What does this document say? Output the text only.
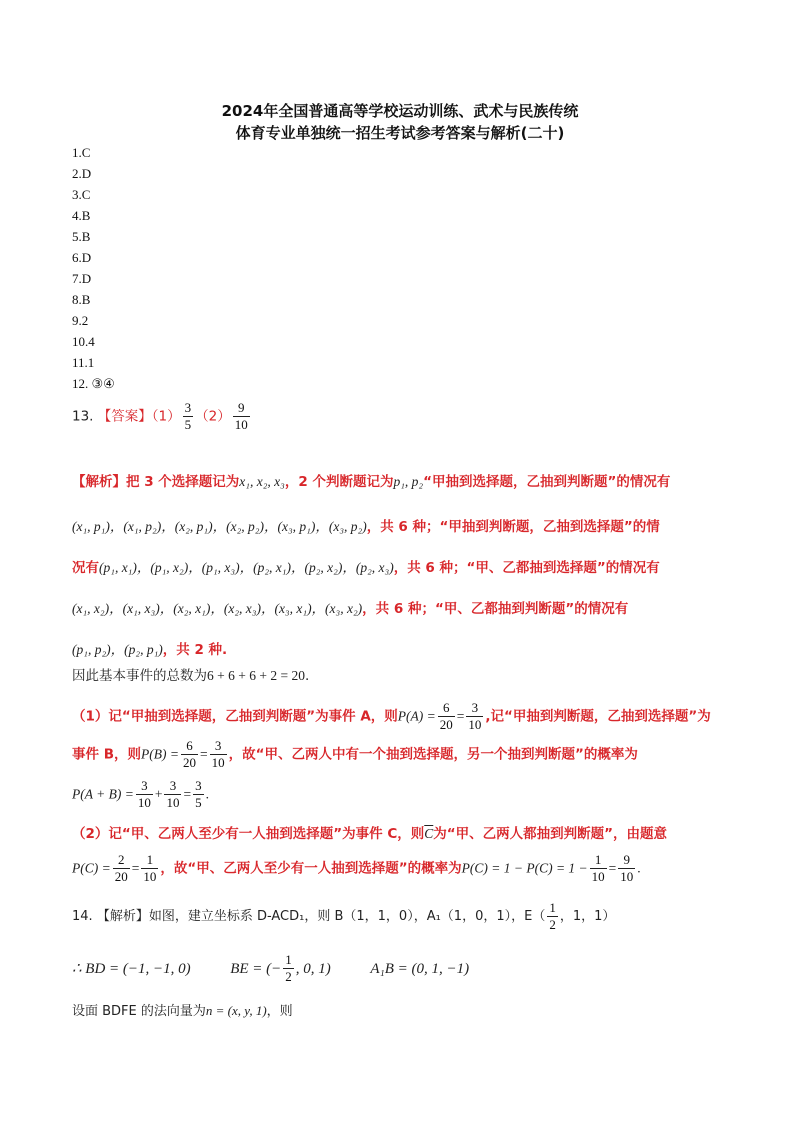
2024年全国普通高等学校运动训练、武术与民族传统
体育专业单独统一招生考试参考答案与解析(二十)
1.C
2.D
3.C
4.B
5.B
6.D
7.D
8.B
9.2
10.4
11.1
12. ③④
13. 【答案】$(1) \frac{3}{5} (2) \frac{9}{10}$
【解析】把 3 个选择题记为x₁, x₂, x₃，2 个判断题记为p₁, p₂“甲抽到选择题，乙抽到判断题”的情况有
(x₁, p₁)，(x₁, p₂)，(x₂, p₁)，(x₂, p₂)，(x₃, p₁)，(x₃, p₂)，共 6 种；“甲抽到判断题，乙抽到选择题”的情
况有(p₁, x₁)，(p₁, x₂)，(p₁, x₃)，(p₂, x₁)，(p₂, x₂)，(p₂, x₃)，共 6 种；“甲、乙都抽到选择题”的情况有
(x₁, x₂)，(x₁, x₃)，(x₂, x₁)，(x₂, x₃)，(x₃, x₁)，(x₃, x₂)，共 6 种；“甲、乙都抽到判断题”的情况有
(p₁, p₂)，(p₂, p₁)，共 2 种.
因此基本事件的总数为6 + 6 + 6 + 2 = 20.
（1）记“甲抽到选择题，乙抽到判断题”为事件 A，则$P(A) = \frac{6}{20} = \frac{3}{10}$ ,记“甲抽到判断题，乙抽到选择题”为
事件 B，则$P(B) = \frac{6}{20} = \frac{3}{10}$ ，故“甲、乙两人中有一个抽到选择题，另一个抽到判断题”的概率为
$P(A + B) = \frac{3}{10} + \frac{3}{10} = \frac{3}{5}$ .
（2）记“甲、乙两人至少有一人抽到选择题”为事件 C，则$\overline{C}$为“甲、乙两人都抽到判断题”，由题意
$P(C) = \frac{2}{20} = \frac{1}{10}$ ，故“甲、乙两人至少有一人抽到选择题”的概率为$P(C) = 1 - P(C) = 1 - \frac{1}{10} = \frac{9}{10}$ .
14. 【解析】如图，建立坐标系 D-ACD₁，则 B（1，1，0），A₁（1，0，1），$E( \frac{1}{2}$ ，1，1）
∴ BD = (−1, −1, 0)	BE = (− $\frac{1}{2}$ , 0, 1)	A₁B = (0, 1, −1)
设面 BDFE 的法向量为n = (x, y, 1)，则
